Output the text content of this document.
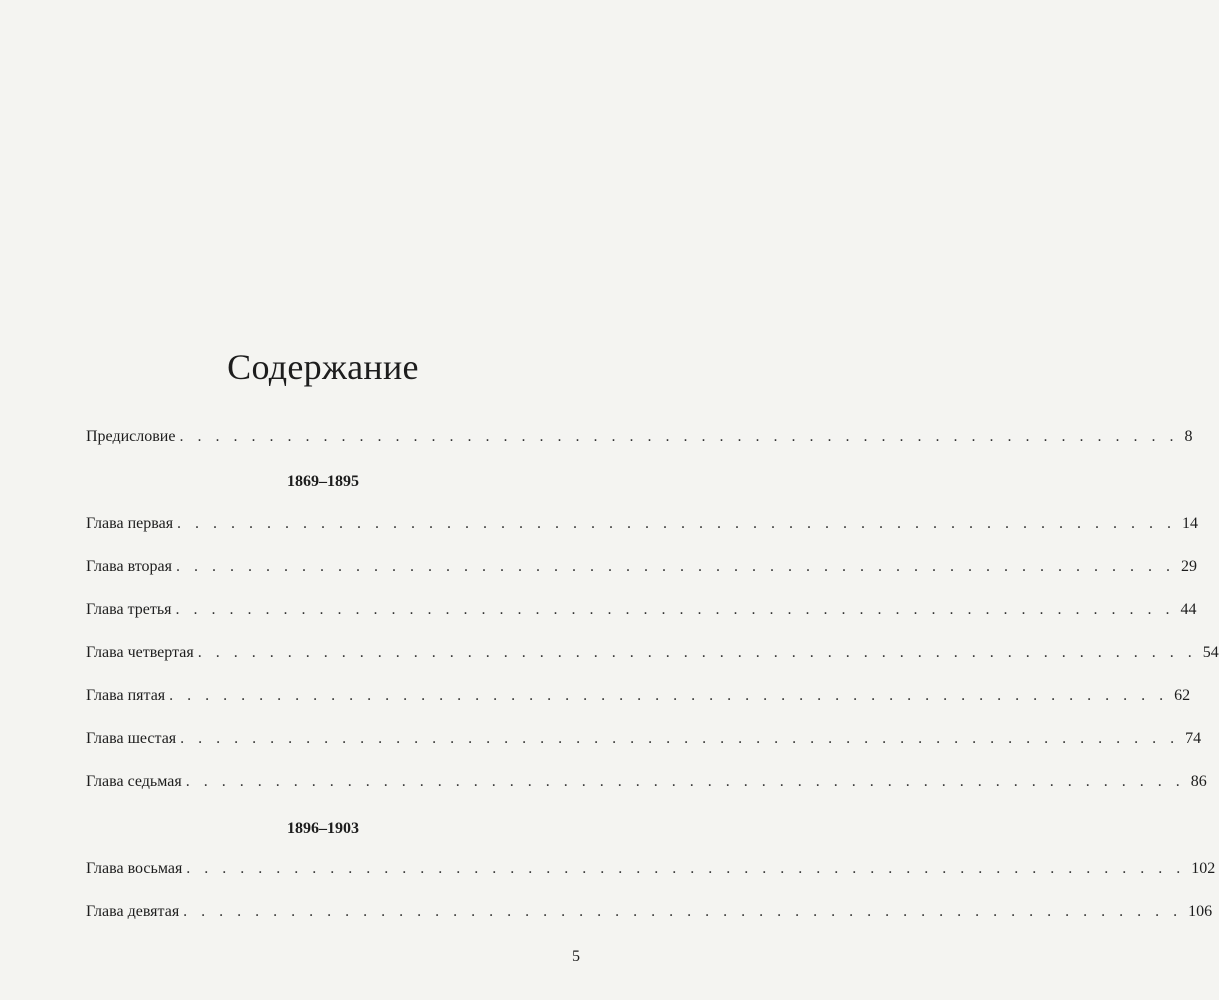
Содержание
Предисловие . . . . . . . . . . . . . . . . . . . . . . . . . . . . . . . . . . . . . . . . . . . . . . . . . . . . . . . . 8
1869–1895
Глава первая . . . . . . . . . . . . . . . . . . . . . . . . . . . . . . . . . . . . . . . . . . . . . . . . . . . . . . . . 14
Глава вторая . . . . . . . . . . . . . . . . . . . . . . . . . . . . . . . . . . . . . . . . . . . . . . . . . . . . . . . . 29
Глава третья . . . . . . . . . . . . . . . . . . . . . . . . . . . . . . . . . . . . . . . . . . . . . . . . . . . . . . . . 44
Глава четвертая . . . . . . . . . . . . . . . . . . . . . . . . . . . . . . . . . . . . . . . . . . . . . . . . . . . . . . . . 54
Глава пятая . . . . . . . . . . . . . . . . . . . . . . . . . . . . . . . . . . . . . . . . . . . . . . . . . . . . . . . . 62
Глава шестая . . . . . . . . . . . . . . . . . . . . . . . . . . . . . . . . . . . . . . . . . . . . . . . . . . . . . . . . 74
Глава седьмая . . . . . . . . . . . . . . . . . . . . . . . . . . . . . . . . . . . . . . . . . . . . . . . . . . . . . . . . 86
1896–1903
Глава восьмая . . . . . . . . . . . . . . . . . . . . . . . . . . . . . . . . . . . . . . . . . . . . . . . . . . . . . . . . 102
Глава девятая . . . . . . . . . . . . . . . . . . . . . . . . . . . . . . . . . . . . . . . . . . . . . . . . . . . . . . . . 106
5
